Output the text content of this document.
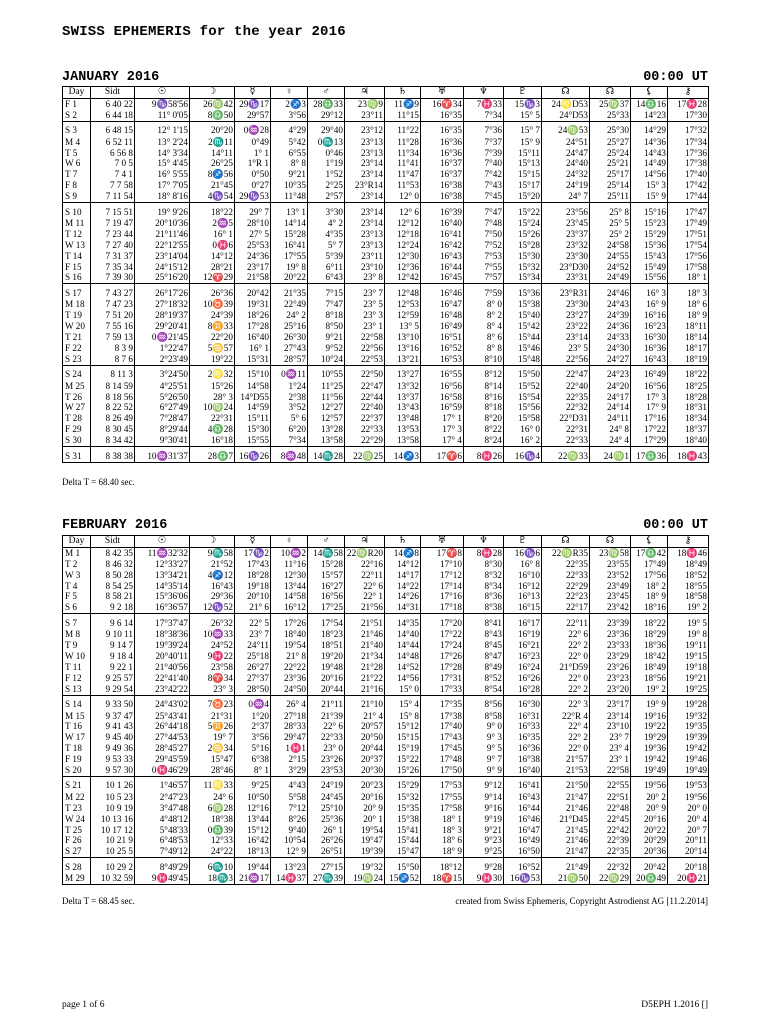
SWISS EPHEMERIS for the year 2016
JANUARY 2016	00:00 UT
Day	Sidt	☉	☽	☿	♀	♂	♃	♄	♅	♆	♇	☊	☊	⚸	⚷
F 1	6 40 22	9♑58'56	26♍42	29♑17	2♐3	28♎33	23♍9	11♐9	16♈34	7♓33	15♑3	24♌D53	25♍37	14♎16	17♓28
S 2	6 44 18	11° 0'05	8♎50	29°57	3°56	29°12	23°11	11°15	16°35	7°34	15° 5	24°D53	25°33	14°23	17°30
S 3	6 48 15	12° 1'15	20°20	0♒28	4°29	29°40	23°12	11°22	16°35	7°36	15° 7	24♍53	25°30	14°29	17°32
M 4	6 52 11	13° 2'24	2♏11	0°49	5°42	0♏13	23°13	11°28	16°36	7°37	15° 9	24°51	25°27	14°36	17°34
T 5	6 56 8	14° 3'34	14°11	1° 1	6°55	0°46	23°13	11°34	16°36	7°39	15°11	24°47	25°24	14°43	17°36
W 6	7 0 5	15° 4'45	26°25	1°R 1	8° 8	1°19	23°14	11°41	16°37	7°40	15°13	24°40	25°21	14°49	17°38
T 7	7 4 1	16° 5'55	8♐56	0°50	9°21	1°52	23°14	11°47	16°37	7°42	15°15	24°32	25°17	14°56	17°40
F 8	7 7 58	17° 7'05	21°45	0°27	10°35	2°25	23°R14	11°53	16°38	7°43	15°17	24°19	25°14	15° 3	17°42
S 9	7 11 54	18° 8'16	4♑54	29♑53	11°48	2°57	23°14	12° 0	16°38	7°45	15°20	24° 7	25°11	15° 9	17°44
S 10	7 15 51	19° 9'26	18°22	29° 7	13° 1	3°30	23°14	12° 6	16°39	7°47	15°22	23°56	25° 8	15°16	17°47
M 11	7 19 47	20°10'36	2♒5	28°10	14°14	4° 2	23°14	12°12	16°40	7°48	15°24	23°45	25° 5	15°23	17°49
T 12	7 23 44	21°11'46	16° 1	27° 5	15°28	4°35	23°13	12°18	16°41	7°50	15°26	23°37	25° 2	15°29	17°51
W 13	7 27 40	22°12'55	0♓6	25°53	16°41	5° 7	23°13	12°24	16°42	7°52	15°28	23°32	24°58	15°36	17°54
T 14	7 31 37	23°14'04	14°12	24°36	17°55	5°39	23°11	12°30	16°43	7°53	15°30	23°30	24°55	15°43	17°56
F 15	7 35 34	24°15'12	28°21	23°17	19° 8	6°11	23°10	12°36	16°44	7°55	15°32	23°D30	24°52	15°49	17°58
S 16	7 39 30	25°16'20	12♈29	21°58	20°22	6°43	23° 8	12°42	16°45	7°57	15°34	23°31	24°49	15°56	18° 1
S 17	7 43 27	26°17'26	26°36	20°42	21°35	7°15	23° 7	12°48	16°46	7°59	15°36	23°R31	24°46	16° 3	18° 3
M 18	7 47 23	27°18'32	10♉39	19°31	22°49	7°47	23° 5	12°53	16°47	8° 0	15°38	23°30	24°43	16° 9	18° 6
T 19	7 51 20	28°19'37	24°39	18°26	24° 2	8°18	23° 3	12°59	16°48	8° 2	15°40	23°27	24°39	16°16	18° 9
W 20	7 55 16	29°20'41	8♊33	17°28	25°16	8°50	23° 1	13° 5	16°49	8° 4	15°42	23°22	24°36	16°23	18°11
T 21	7 59 13	0♒21'45	22°20	16°40	26°30	9°21	22°58	13°10	16°51	8° 6	15°44	23°14	24°33	16°30	18°14
F 22	8 3 9	1°22'47	5♋57	16° 1	27°43	9°52	22°56	13°16	16°52	8° 8	15°46	23° 5	24°30	16°36	18°17
S 23	8 7 6	2°23'49	19°22	15°31	28°57	10°24	22°53	13°21	16°53	8°10	15°48	22°56	24°27	16°43	18°19
S 24	8 11 3	3°24'50	2♌32	15°10	0♒11	10°55	22°50	13°27	16°55	8°12	15°50	22°47	24°23	16°49	18°22
M 25	8 14 59	4°25'51	15°26	14°58	1°24	11°25	22°47	13°32	16°56	8°14	15°52	22°40	24°20	16°56	18°25
T 26	8 18 56	5°26'50	28° 3	14°D55	2°38	11°56	22°44	13°37	16°58	8°16	15°54	22°35	24°17	17° 3	18°28
W 27	8 22 52	6°27'49	10♍24	14°59	3°52	12°27	22°40	13°43	16°59	8°18	15°56	22°32	24°14	17° 9	18°31
T 28	8 26 49	7°28'47	22°31	15°11	5° 6	12°57	22°37	13°48	17° 1	8°20	15°58	22°D31	24°11	17°16	18°34
F 29	8 30 45	8°29'44	4♎28	15°30	6°20	13°28	22°33	13°53	17° 3	8°22	16° 0	22°31	24° 8	17°22	18°37
S 30	8 34 42	9°30'41	16°18	15°55	7°34	13°58	22°29	13°58	17° 4	8°24	16° 2	22°33	24° 4	17°29	18°40
S 31	8 38 38	10♒31'37	28♎7	16♑26	8♒48	14♏28	22♍25	14♐3	17♈6	8♓26	16♑4	22♍33	24♍1	17♎36	18♓43
Delta T = 68.40 sec.
FEBRUARY 2016	00:00 UT
Day	Sidt	☉	☽	☿	♀	♂	♃	♄	♅	♆	♇	☊	☊	⚸	⚷
M 1	8 42 35	11♒32'32	9♏58	17♑2	10♒2	14♏58	22♍R20	14♐8	17♈8	8♓28	16♑6	22♍R35	23♍58	17♎42	18♓46
T 2	8 46 32	12°33'27	21°52	17°43	11°16	15°28	22°16	14°12	17°10	8°30	16° 8	22°35	23°55	17°49	18°49
W 3	8 50 28	13°34'21	4♐12	18°28	12°30	15°57	22°11	14°17	17°12	8°32	16°10	22°33	23°52	17°56	18°52
T 4	8 54 25	14°35'14	16°43	19°18	13°44	16°27	22° 6	14°22	17°14	8°34	16°12	22°29	23°49	18° 2	18°55
F 5	8 58 21	15°36'06	29°36	20°10	14°58	16°56	22° 1	14°26	17°16	8°36	16°13	22°23	23°45	18° 9	18°58
S 6	9 2 18	16°36'57	12♑52	21° 6	16°12	17°25	21°56	14°31	17°18	8°38	16°15	22°17	23°42	18°16	19° 2
S 7	9 6 14	17°37'47	26°32	22° 5	17°26	17°54	21°51	14°35	17°20	8°41	16°17	22°11	23°39	18°22	19° 5
M 8	9 10 11	18°38'36	10♒33	23° 7	18°40	18°23	21°46	14°40	17°22	8°43	16°19	22° 6	23°36	18°29	19° 8
T 9	9 14 7	19°39'24	24°52	24°11	19°54	18°51	21°40	14°44	17°24	8°45	16°21	22° 2	23°33	18°36	19°11
W 10	9 18 4	20°40'11	9♓22	25°18	21° 8	19°20	21°34	14°48	17°26	8°47	16°23	22° 0	23°29	18°42	19°15
T 11	9 22 1	21°40'56	23°58	26°27	22°22	19°48	21°28	14°52	17°28	8°49	16°24	21°D59	23°26	18°49	19°18
F 12	9 25 57	22°41'40	8♈34	27°37	23°36	20°16	21°22	14°56	17°31	8°52	16°26	22° 0	23°23	18°56	19°21
S 13	9 29 54	23°42'22	23° 3	28°50	24°50	20°44	21°16	15° 0	17°33	8°54	16°28	22° 2	23°20	19° 2	19°25
S 14	9 33 50	24°43'02	7♉23	0♒4	26° 4	21°11	21°10	15° 4	17°35	8°56	16°30	22° 3	23°17	19° 9	19°28
M 15	9 37 47	25°43'41	21°31	1°20	27°18	21°39	21° 4	15° 8	17°38	8°58	16°31	22°R 4	23°14	19°16	19°32
T 16	9 41 43	26°44'18	5♊26	2°37	28°33	22° 6	20°57	15°12	17°40	9° 0	16°33	22° 4	23°10	19°22	19°35
W 17	9 45 40	27°44'53	19° 7	3°56	29°47	22°33	20°50	15°15	17°43	9° 3	16°35	22° 2	23° 7	19°29	19°39
T 18	9 49 36	28°45'27	2♋34	5°16	1♓1	23° 0	20°44	15°19	17°45	9° 5	16°36	22° 0	23° 4	19°36	19°42
F 19	9 53 33	29°45'59	15°47	6°38	2°15	23°26	20°37	15°22	17°48	9° 7	16°38	21°57	23° 1	19°42	19°46
S 20	9 57 30	0♓46'29	28°46	8° 1	3°29	23°53	20°30	15°26	17°50	9° 9	16°40	21°53	22°58	19°49	19°49
S 21	10 1 26	1°46'57	11♌33	9°25	4°43	24°19	20°23	15°29	17°53	9°12	16°41	21°50	22°55	19°56	19°53
M 22	10 5 23	2°47'23	24° 6	10°50	5°58	24°45	20°16	15°32	17°55	9°14	16°43	21°47	22°51	20° 2	19°56
T 23	10 9 19	3°47'48	6♍28	12°16	7°12	25°10	20° 9	15°35	17°58	9°16	16°44	21°46	22°48	20° 9	20° 0
W 24	10 13 16	4°48'12	18°38	13°44	8°26	25°36	20° 1	15°38	18° 1	9°19	16°46	21°D45	22°45	20°16	20° 4
T 25	10 17 12	5°48'33	0♎39	15°12	9°40	26° 1	19°54	15°41	18° 3	9°21	16°47	21°45	22°42	20°22	20° 7
F 26	10 21 9	6°48'53	12°33	16°42	10°54	26°26	19°47	15°44	18° 6	9°23	16°49	21°46	22°39	20°29	20°11
S 27	10 25 5	7°49'12	24°22	18°13	12° 9	26°51	19°39	15°47	18° 9	9°25	16°50	21°47	22°35	20°36	20°14
S 28	10 29 2	8°49'29	6♏10	19°44	13°23	27°15	19°32	15°50	18°12	9°28	16°52	21°49	22°32	20°42	20°18
M 29	10 32 59	9♓49'45	18♏3	21♒17	14♓37	27♏39	19♍24	15♐52	18♈15	9♓30	16♑53	21♍50	22♍29	20♎49	20♓21
Delta T = 68.45 sec.	created from Swiss Ephemeris, Copyright Astrodienst AG [11.2.2014]
page 1 of 6	D5EPH 1.2016 []
